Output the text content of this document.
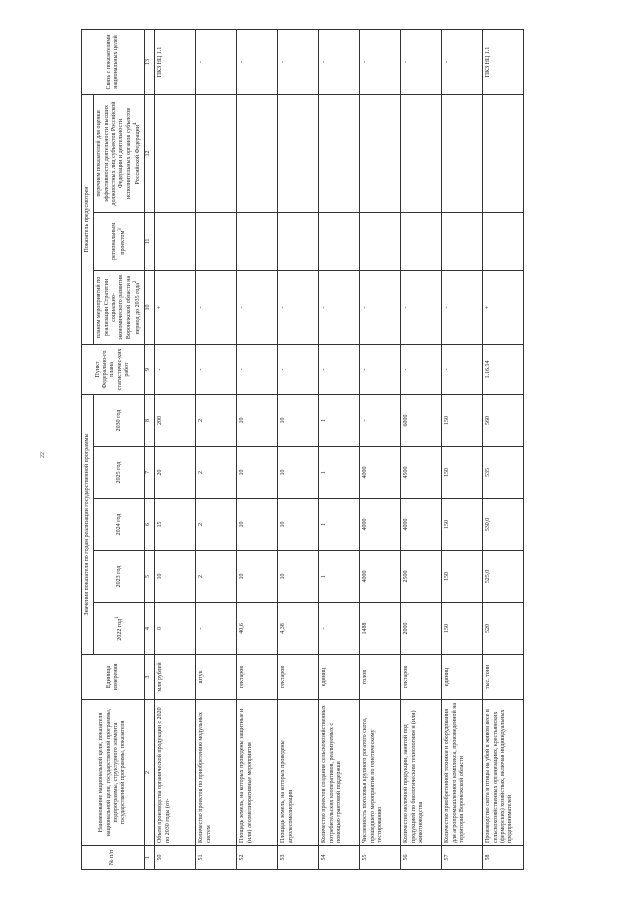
22
№ п/п	Наименование национальной цели, показателя национальной цели, государственной программы, подпрограммы, структурного элемента государственной программы, показателя	Единица измерения	Значения показателя по годам реализации государственной программы					Пункт Федерально-го плана статистичес-ких работ	Показатель предусмотрен			Связь с показателями национальных целей
			2022 год$^1$	2023 год	2024 год	2025 год	2030 год		планом мероприятий по реализации Стратегии социально-экономического развития Воронежской области на период до 2035 года$^2$	региональным проектом$^3$	перечнем показателей для оценки эффективности деятельности высших должностных лиц субъектов Российской Федерации и деятельности исполнительных органов субъектов Российской Федерации$^4$
1	2	3	4	5	6	7	8	9	10	11	12	13
50	Объем производства органической продукции с 2020 по 2030 годы (от-	млн рублей	0	10	15	20	200	-	+			ПКЗ НЦ 1.1
51	Количество проектов по приобретению модульных систем	штук	-	2	2	2	2	-	-			-
52	Площадь земель, на которых проведены защитные и (или) лесомелиоративные мероприятия	гектаров	40,6	10	10	10	10	-	-			-
53	Площадь земель, на которых проведены агролесомелиорации	гектаров	4,38	10	10	10	10	-	-			-
54	Количество проектов создания сельскохозяйственных потребительских кооперативов, реализуемых с помощью грантовой поддержки	единиц	-	1	1	1	1	-	-			-
55	Численность поголовья крупного рогатого скота, прошедшего мероприятия по генетическому тестированию	голов	1488	4000	4000	4000	-	-	-			-
56	Количество молочной продукции, занятой под продукцией по биологическим технологиям и (или) животноводства	гектаров	2000	2500	4000	4500	6000	-	-			-
57	Количество приобретенной техники и оборудования для агропромышленного комплекса, произведенной на территории Воронежской области	единиц	150	150	150	150	150	-	-			-
58	Производство скота и птицы на убой в живом весе в сельскохозяйственных организациях, крестьянских (фермерских) хозяйствах, включая индивидуальных предпринимателей	тыс. тонн	520	525,0	530,0	535	560	1.16.14	+			ПКЗ НЦ 1.1
